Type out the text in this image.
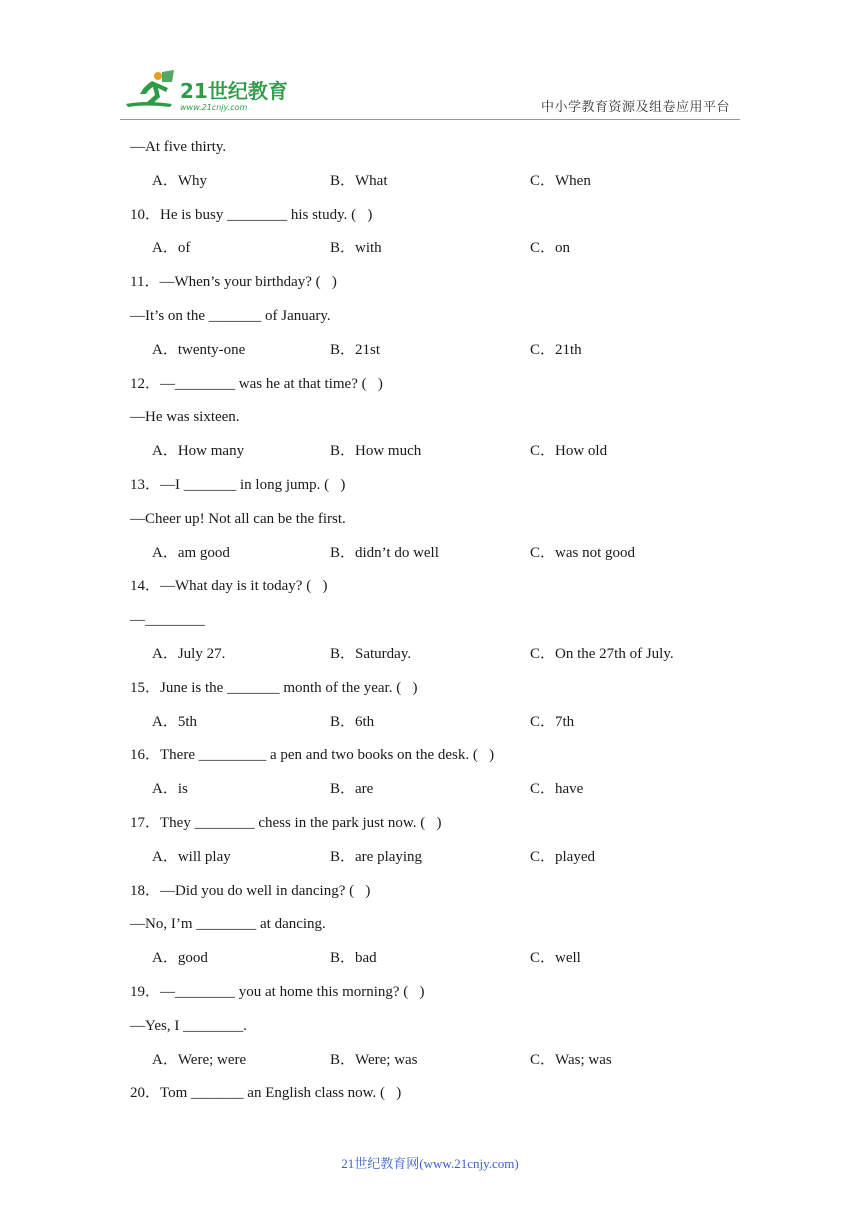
21世纪教育
www.21cnjy.com	中小学教育资源及组卷应用平台
—At five thirty.
A．Why	B．What	C．When
10．He is busy ________ his study. (   )
A．of	B．with	C．on
11．—When’s your birthday? (   )
—It’s on the _______ of January.
A．twenty-one	B．21st	C．21th
12．—________ was he at that time? (   )
—He was sixteen.
A．How many	B．How much	C．How old
13．—I _______ in long jump. (   )
—Cheer up! Not all can be the first.
A．am good	B．didn’t do well	C．was not good
14．—What day is it today? (   )
—________
A．July 27.	B．Saturday.	C．On the 27th of July.
15．June is the _______ month of the year. (   )
A．5th	B．6th	C．7th
16．There _________ a pen and two books on the desk. (   )
A．is	B．are	C．have
17．They ________ chess in the park just now. (   )
A．will play	B．are playing	C．played
18．—Did you do well in dancing? (   )
—No, I’m ________ at dancing.
A．good	B．bad	C．well
19．—________ you at home this morning? (   )
—Yes, I ________.
A．Were; were	B．Were; was	C．Was; was
20．Tom _______ an English class now. (   )
21世纪教育网(www.21cnjy.com)
